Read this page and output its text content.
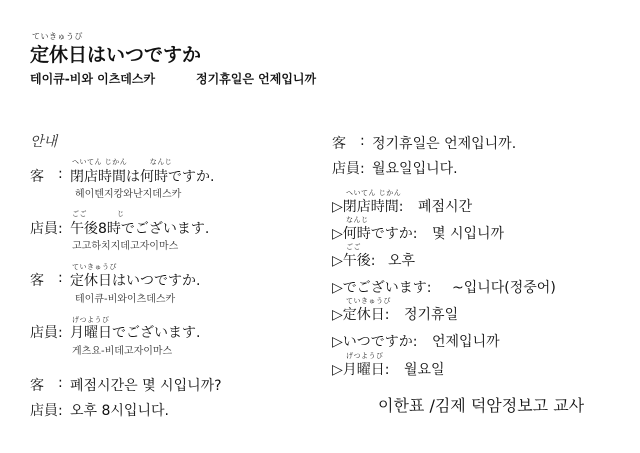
ていきゅうび
定休日はいつですか
테이큐-비와 이츠데스카	정기휴일은 언제입니까
안내
へいてん じかん　　　なんじ
客 : 閉店時間は何時ですか.
헤이텐지캉와난지데스카
ごご　　　　じ
店員: 午後8時でございます.
고고하치지데고자이마스
ていきゅうび
客 : 定休日はいつですか.
테이큐-비와이츠데스카
げつようび
店員: 月曜日でございます.
게츠요-비데고자이마스
客 : 폐점시간은 몇 시입니까?
店員: 오후 8시입니다.
客 : 정기휴일은 언제입니까.
店員: 월요일입니다.
へいてん じかん
▷閉店時間: 폐점시간
なんじ
▷何時ですか: 몇 시입니까
ごご
▷午後: 오후
▷でございます: ~입니다(정중어)
ていきゅうび
▷定休日: 정기휴일
▷いつですか: 언제입니까
げつようび
▷月曜日: 월요일
이한표 /김제 덕암정보고 교사
